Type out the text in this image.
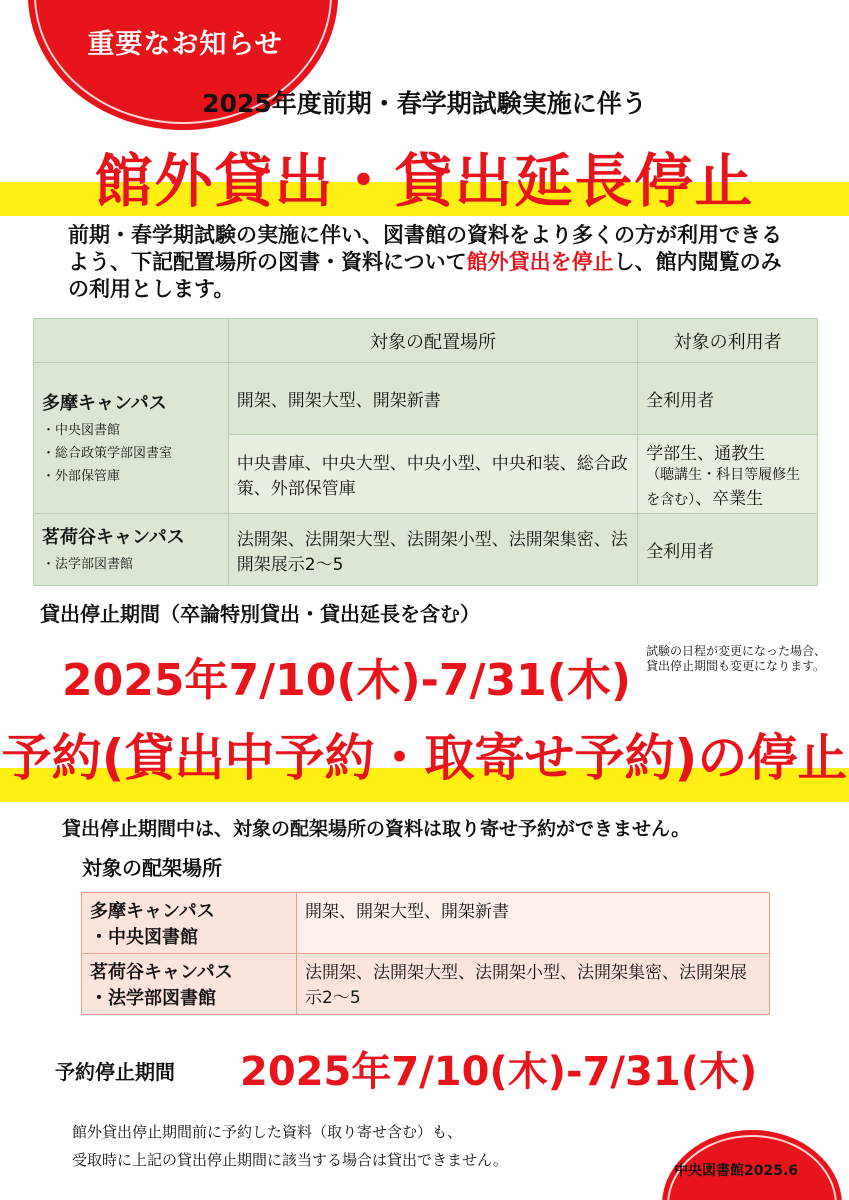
重要なお知らせ
2025年度前期・春学期試験実施に伴う
館外貸出・貸出延長停止
前期・春学期試験の実施に伴い、図書館の資料をより多くの方が利用できるよう、下記配置場所の図書・資料について館外貸出を停止し、館内閲覧のみの利用とします。
	対象の配置場所	対象の利用者

多摩キャンパス
・中央図書館
・総合政策学部図書室
・外部保管庫	開架、開架大型、開架新書	全利用者
	中央書庫、中央大型、中央小型、中央和装、総合政策、外部保管庫	学部生、通教生
（聴講生・科目等履修生を含む）、卒業生

茗荷谷キャンパス
・法学部図書館	法開架、法開架大型、法開架小型、法開架集密、法開架展示2～5	全利用者
貸出停止期間（卒論特別貸出・貸出延長を含む）
2025年7/10(木)-7/31(木)
試験の日程が変更になった場合、貸出停止期間も変更になります。
予約(貸出中予約・取寄せ予約)の停止
貸出停止期間中は、対象の配架場所の資料は取り寄せ予約ができません。
対象の配架場所
多摩キャンパス
・中央図書館	開架、開架大型、開架新書
茗荷谷キャンパス
・法学部図書館	法開架、法開架大型、法開架小型、法開架集密、法開架展示2～5
予約停止期間 2025年7/10(木)-7/31(木)
館外貸出停止期間前に予約した資料（取り寄せ含む）も、
受取時に上記の貸出停止期間に該当する場合は貸出できません。
中央図書館2025.6
